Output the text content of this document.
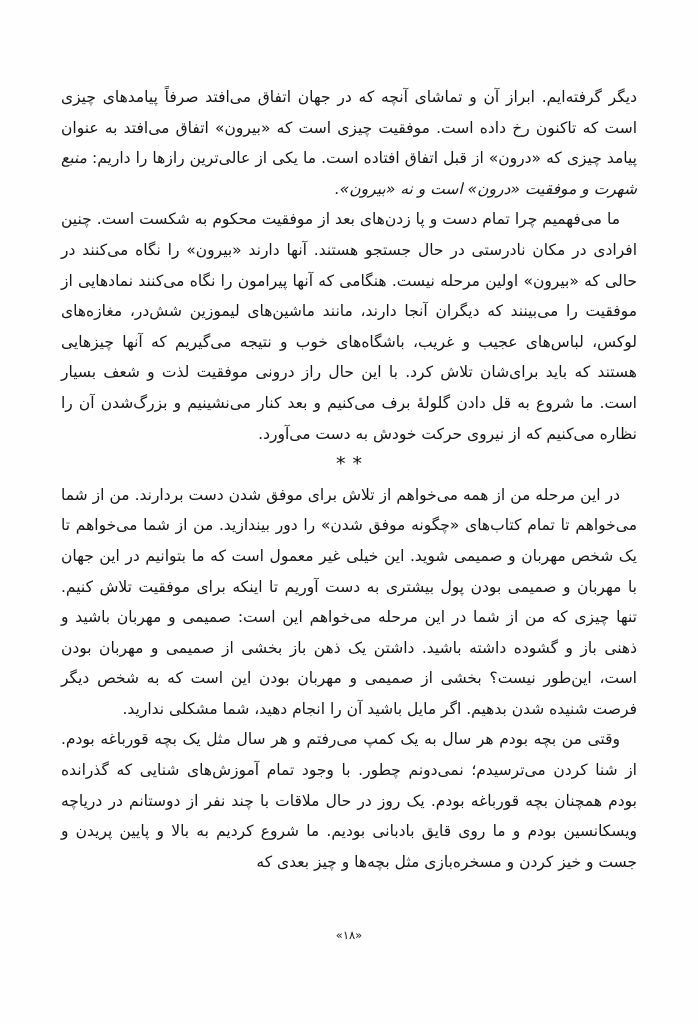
دیگر گرفته‌ایم. ابراز آن و تماشای آنچه که در جهان اتفاق می‌افتد صرفاً پیامدهای چیزی است که تاکنون رخ داده است. موفقیت چیزی است که «بیرون» اتفاق می‌افتد به عنوان پیامد چیزی که «درون» از قبل اتفاق افتاده است. ما یکی از عالی‌ترین رازها را داریم: منبع شهرت و موفقیت «درون» است و نه «بیرون».

ما می‌فهمیم چرا تمام دست و پا زدن‌های بعد از موفقیت محکوم به شکست است. چنین افرادی در مکان نادرستی در حال جستجو هستند. آنها دارند «بیرون» را نگاه می‌کنند در حالی که «بیرون» اولین مرحله نیست. هنگامی که آنها پیرامون را نگاه می‌کنند نمادهایی از موفقیت را می‌بینند که دیگران آنجا دارند، مانند ماشین‌های لیموزین شش‌در، مغازه‌های لوکس، لباس‌های عجیب و غریب، باشگاه‌های خوب و نتیجه می‌گیریم که آنها چیزهایی هستند که باید برای‌شان تلاش کرد. با این حال راز درونی موفقیت لذت و شعف بسیار است. ما شروع به قل دادن گلولهٔ برف می‌کنیم و بعد کنار می‌نشینیم و بزرگ‌شدن آن را نظاره می‌کنیم که از نیروی حرکت خودش به دست می‌آورد.

**

در این مرحله من از همه می‌خواهم از تلاش برای موفق شدن دست بردارند. من از شما می‌خواهم تا تمام کتاب‌های «چگونه موفق شدن» را دور بیندازید. من از شما می‌خواهم تا یک شخص مهربان و صمیمی شوید. این خیلی غیر معمول است که ما بتوانیم در این جهان با مهربان و صمیمی بودن پول بیشتری به دست آوریم تا اینکه برای موفقیت تلاش کنیم. تنها چیزی که من از شما در این مرحله می‌خواهم این است: صمیمی و مهربان باشید و ذهنی باز و گشوده داشته باشید. داشتن یک ذهن باز بخشی از صمیمی و مهربان بودن است، این‌طور نیست؟ بخشی از صمیمی و مهربان بودن این است که به شخص دیگر فرصت شنیده شدن بدهیم. اگر مایل باشید آن را انجام دهید، شما مشکلی ندارید.

وقتی من بچه بودم هر سال به یک کمپ می‌رفتم و هر سال مثل یک بچه قورباغه بودم. از شنا کردن می‌ترسیدم؛ نمی‌دونم چطور. با وجود تمام آموزش‌های شنایی که گذرانده بودم همچنان بچه قورباغه بودم. یک روز در حال ملاقات با چند نفر از دوستانم در دریاچه ویسکانسین بودم و ما روی قایق بادبانی بودیم. ما شروع کردیم به بالا و پایین پریدن و جست و خیز کردن و مسخره‌بازی مثل بچه‌ها و چیز بعدی که

«۱۸»
